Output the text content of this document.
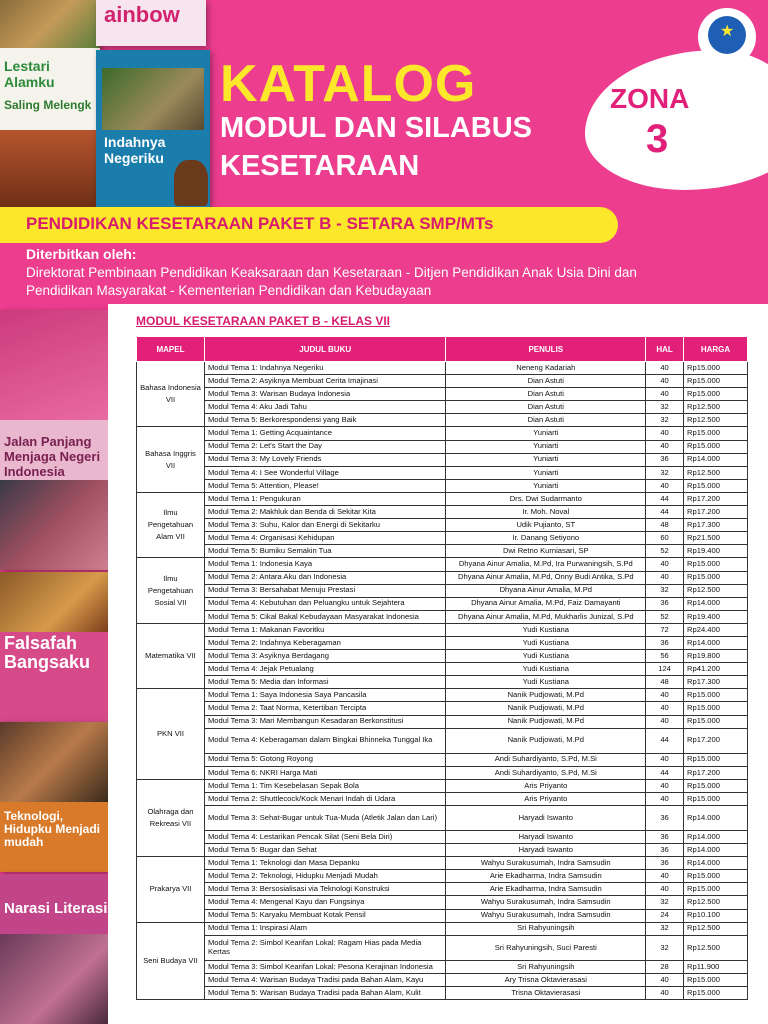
Lestari Alamku
Saling Melengk
ainbow
Indahnya Negeriku
Jalan Panjang Menjaga Negeri Indonesia
Falsafah Bangsaku
Teknologi, Hidupku Menjadi mudah
Narasi Literasi
KATALOG
MODUL DAN SILABUS
KESETARAAN
ZONA
3
★
PENDIDIKAN KESETARAAN PAKET B - SETARA SMP/MTs
Diterbitkan oleh:
Direktorat Pembinaan Pendidikan Keaksaraan dan Kesetaraan - Ditjen Pendidikan Anak Usia Dini dan
Pendidikan Masyarakat - Kementerian Pendidikan dan Kebudayaan
MODUL KESETARAAN PAKET B - KELAS VII
MAPEL	JUDUL BUKU	PENULIS	HAL	HARGA
Bahasa Indonesia VII	Modul Tema 1: Indahnya Negeriku	Neneng Kadariah	40	Rp15.000
	Modul Tema 2: Asyiknya Membuat Cerita Imajinasi	Dian Astuti	40	Rp15.000
	Modul Tema 3: Warisan Budaya Indonesia	Dian Astuti	40	Rp15.000
	Modul Tema 4: Aku Jadi Tahu	Dian Astuti	32	Rp12.500
	Modul Tema 5: Berkorespondensi yang Baik	Dian Astuti	32	Rp12.500
Bahasa Inggris VII	Modul Tema 1: Getting Acquaintance	Yuniarti	40	Rp15.000
	Modul Tema 2: Let's Start the Day	Yuniarti	40	Rp15.000
	Modul Tema 3: My Lovely Friends	Yuniarti	36	Rp14.000
	Modul Tema 4: I See Wonderful Village	Yuniarti	32	Rp12.500
	Modul Tema 5: Attention, Please!	Yuniarti	40	Rp15.000
Ilmu Pengetahuan Alam VII	Modul Tema 1: Pengukuran	Drs. Dwi Sudarmanto	44	Rp17.200
	Modul Tema 2: Makhluk dan Benda di Sekitar Kita	Ir. Moh. Noval	44	Rp17.200
	Modul Tema 3: Suhu, Kalor dan Energi di Sekitarku	Udik Pujianto, ST	48	Rp17.300
	Modul Tema 4: Organisasi Kehidupan	Ir. Danang Setiyono	60	Rp21.500
	Modul Tema 5: Bumiku Semakin Tua	Dwi Retno Kurniasari, SP	52	Rp19.400
Ilmu Pengetahuan Sosial VII	Modul Tema 1: Indonesia Kaya	Dhyana Ainur Amalia, M.Pd, Ira Purwaningsih, S.Pd	40	Rp15.000
	Modul Tema 2: Antara Aku dan Indonesia	Dhyana Ainur Amalia, M.Pd, Onny Budi Antika, S.Pd	40	Rp15.000
	Modul Tema 3: Bersahabat Menuju Prestasi	Dhyana Ainur Amalia, M.Pd	32	Rp12.500
	Modul Tema 4: Kebutuhan dan Peluangku untuk Sejahtera	Dhyana Ainur Amalia, M.Pd, Faiz Damayanti	36	Rp14.000
	Modul Tema 5: Cikal Bakal Kebudayaan Masyarakat Indonesia	Dhyana Ainur Amalia, M.Pd, Mukharlis Junizal, S.Pd	52	Rp19.400
Matematika VII	Modul Tema 1: Makanan Favoritku	Yudi Kustiana	72	Rp24.400
	Modul Tema 2: Indahnya Keberagaman	Yudi Kustiana	36	Rp14.000
	Modul Tema 3: Asyiknya Berdagang	Yudi Kustiana	56	Rp19.800
	Modul Tema 4: Jejak Petualang	Yudi Kustiana	124	Rp41.200
	Modul Tema 5: Media dan Informasi	Yudi Kustiana	48	Rp17.300
PKN VII	Modul Tema 1: Saya Indonesia Saya Pancasila	Nanik Pudjowati, M.Pd	40	Rp15.000
	Modul Tema 2: Taat Norma, Ketertiban Tercipta	Nanik Pudjowati, M.Pd	40	Rp15.000
	Modul Tema 3: Mari Membangun Kesadaran Berkonstitusi	Nanik Pudjowati, M.Pd	40	Rp15.000
	Modul Tema 4: Keberagaman dalam Bingkai Bhinneka Tunggal Ika	Nanik Pudjowati, M.Pd	44	Rp17.200
	Modul Tema 5: Gotong Royong	Andi Suhardiyanto, S.Pd, M.Si	40	Rp15.000
	Modul Tema 6: NKRI Harga Mati	Andi Suhardiyanto, S.Pd, M.Si	44	Rp17.200
Olahraga dan Rekreasi VII	Modul Tema 1: Tim Kesebelasan Sepak Bola	Aris Priyanto	40	Rp15.000
	Modul Tema 2: Shuttlecock/Kock Menari Indah di Udara	Aris Priyanto	40	Rp15.000
	Modul Tema 3: Sehat-Bugar untuk Tua-Muda (Atletik Jalan dan Lari)	Haryadi Iswanto	36	Rp14.000
	Modul Tema 4: Lestarikan Pencak Silat (Seni Bela Diri)	Haryadi Iswanto	36	Rp14.000
	Modul Tema 5: Bugar dan Sehat	Haryadi Iswanto	36	Rp14.000
Prakarya VII	Modul Tema 1: Teknologi dan Masa Depanku	Wahyu Surakusumah, Indra Samsudin	36	Rp14.000
	Modul Tema 2: Teknologi, Hidupku Menjadi Mudah	Arie Ekadharma, Indra Samsudin	40	Rp15.000
	Modul Tema 3: Bersosialisasi via Teknologi Konstruksi	Arie Ekadharma, Indra Samsudin	40	Rp15.000
	Modul Tema 4: Mengenal Kayu dan Fungsinya	Wahyu Surakusumah, Indra Samsudin	32	Rp12.500
	Modul Tema 5: Karyaku Membuat Kotak Pensil	Wahyu Surakusumah, Indra Samsudin	24	Rp10.100
Seni Budaya VII	Modul Tema 1: Inspirasi Alam	Sri Rahyuningsih	32	Rp12.500
	Modul Tema 2: Simbol Kearifan Lokal: Ragam Hias pada Media Kertas	Sri Rahyuningsih, Suci Paresti	32	Rp12.500
	Modul Tema 3: Simbol Kearifan Lokal: Pesona Kerajinan Indonesia	Sri Rahyuningsih	28	Rp11.900
	Modul Tema 4: Warisan Budaya Tradisi pada Bahan Alam, Kayu	Ary Trisna Oktavierasasi	40	Rp15.000
	Modul Tema 5: Warisan Budaya Tradisi pada Bahan Alam, Kulit	Trisna Oktavierasasi	40	Rp15.000
